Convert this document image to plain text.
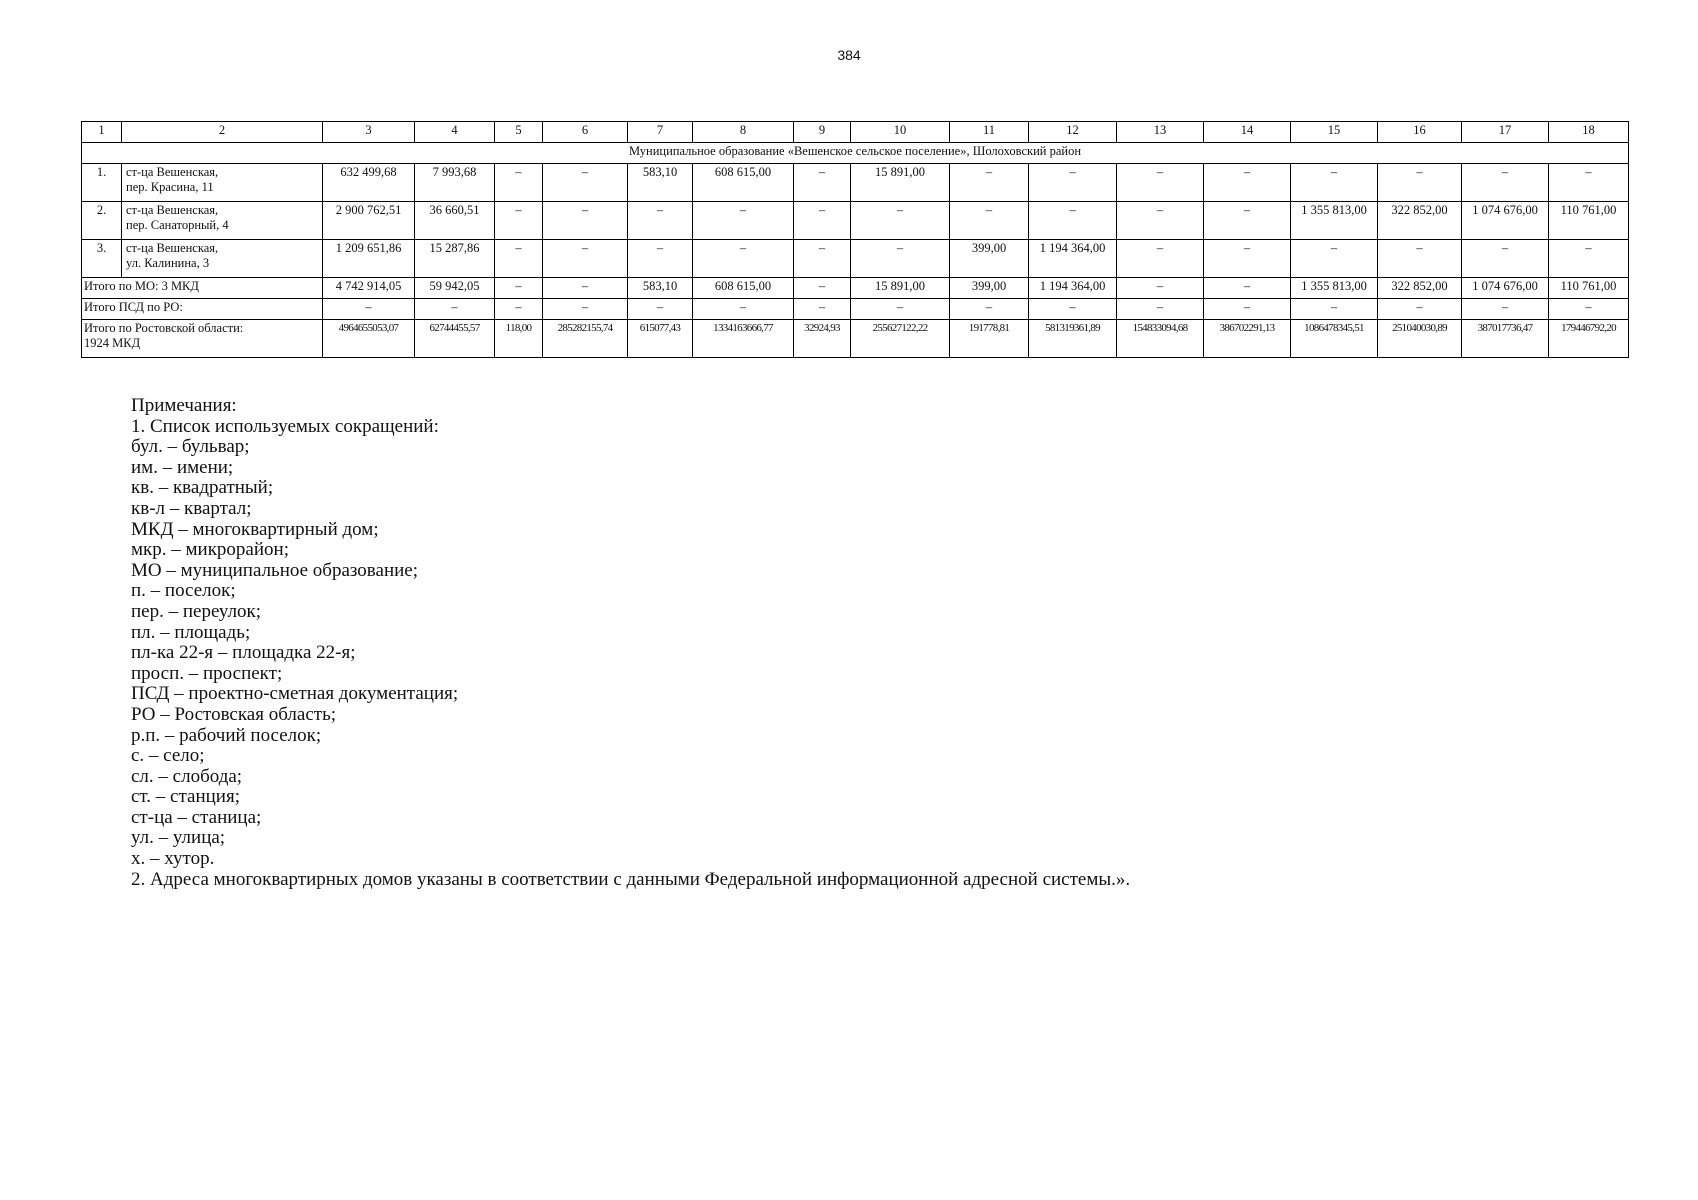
384
1	2	3	4	5	6	7	8	9	10	11	12	13	14	15	16	17	18
Муниципальное образование «Вешенское сельское поселение», Шолоховский район																	
1.	ст-ца Вешенская,
пер. Красина, 11	632 499,68	7 993,68	–	–	583,10	608 615,00	–	15 891,00	–	–	–	–	–	–	–	–
2.	ст-ца Вешенская,
пер. Санаторный, 4	2 900 762,51	36 660,51	–	–	–	–	–	–	–	–	–	–	1 355 813,00	322 852,00	1 074 676,00	110 761,00
3.	ст-ца Вешенская,
ул. Калинина, 3	1 209 651,86	15 287,86	–	–	–	–	–	–	399,00	1 194 364,00	–	–	–	–	–	–
Итого по МО: 3 МКД		4 742 914,05	59 942,05	–	–	583,10	608 615,00	–	15 891,00	399,00	1 194 364,00	–	–	1 355 813,00	322 852,00	1 074 676,00	110 761,00
Итого ПСД по РО:		–	–	–	–	–	–	–	–	–	–	–	–	–	–	–	–

Итого по Ростовской области:
1924 МКД		4964655053,07	62744455,57	118,00	285282155,74	615077,43	1334163666,77	32924,93	255627122,22	191778,81	581319361,89	154833094,68	386702291,13	1086478345,51	251040030,89	387017736,47	179446792,20
Примечания:
1. Список используемых сокращений:
бул. – бульвар;
им. – имени;
кв. – квадратный;
кв-л – квартал;
МКД – многоквартирный дом;
мкр. – микрорайон;
МО – муниципальное образование;
п. – поселок;
пер. – переулок;
пл. – площадь;
пл-ка 22-я – площадка 22-я;
просп. – проспект;
ПСД – проектно-сметная документация;
РО – Ростовская область;
р.п. – рабочий поселок;
с. – село;
сл. – слобода;
ст. – станция;
ст-ца – станица;
ул. – улица;
х. – хутор.
2. Адреса многоквартирных домов указаны в соответствии с данными Федеральной информационной адресной системы.».
